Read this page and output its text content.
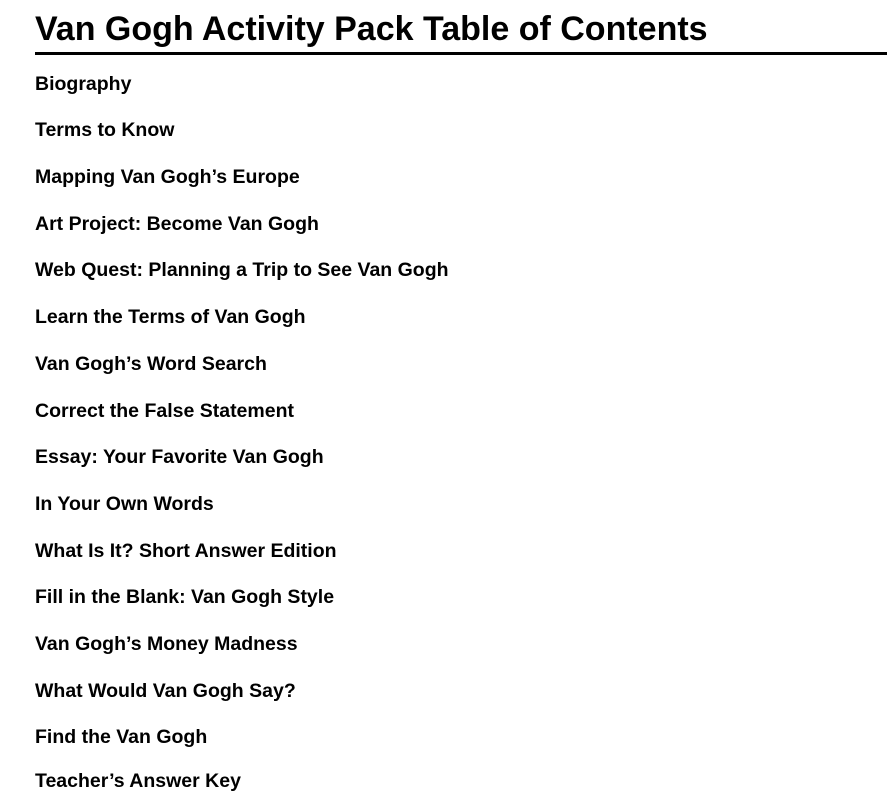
Van Gogh Activity Pack Table of Contents
Biography
Terms to Know
Mapping Van Gogh’s Europe
Art Project: Become Van Gogh
Web Quest: Planning a Trip to See Van Gogh
Learn the Terms of Van Gogh
Van Gogh’s Word Search
Correct the False Statement
Essay: Your Favorite Van Gogh
In Your Own Words
What Is It? Short Answer Edition
Fill in the Blank: Van Gogh Style
Van Gogh’s Money Madness
What Would Van Gogh Say?
Find the Van Gogh
Teacher’s Answer Key
